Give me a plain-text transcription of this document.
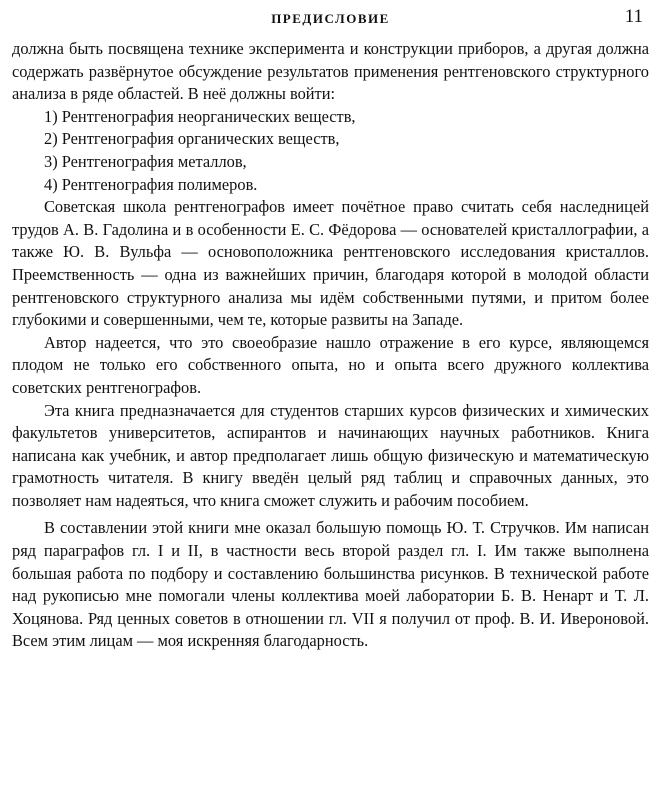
ПРЕДИСЛОВИЕ	11

должна быть посвящена технике эксперимента и конструкции приборов, а другая должна содержать развёрнутое обсуждение результатов применения рентгеновского структурного анализа в ряде областей. В неё должны войти:

1) Рентгенография неорганических веществ,
2) Рентгенография органических веществ,
3) Рентгенография металлов,
4) Рентгенография полимеров.

Советская школа рентгенографов имеет почётное право считать себя наследницей трудов А. В. Гадолина и в особенности Е. С. Фёдорова — основателей кристаллографии, а также Ю. В. Вульфа — основоположника рентгеновского исследования кристаллов. Преемственность — одна из важнейших причин, благодаря которой в молодой области рентгеновского структурного анализа мы идём собственными путями, и притом более глубокими и совершенными, чем те, которые развиты на Западе.

Автор надеется, что это своеобразие нашло отражение в его курсе, являющемся плодом не только его собственного опыта, но и опыта всего дружного коллектива советских рентгенографов.

Эта книга предназначается для студентов старших курсов физических и химических факультетов университетов, аспирантов и начинающих научных работников. Книга написана как учебник, и автор предполагает лишь общую физическую и математическую грамотность читателя. В книгу введён целый ряд таблиц и справочных данных, это позволяет нам надеяться, что книга сможет служить и рабочим пособием.

В составлении этой книги мне оказал большую помощь Ю. Т. Стручков. Им написан ряд параграфов гл. I и II, в частности весь второй раздел гл. I. Им также выполнена большая работа по подбору и составлению большинства рисунков. В технической работе над рукописью мне помогали члены коллектива моей лаборатории Б. В. Ненарт и Т. Л. Хоцянова. Ряд ценных советов в отношении гл. VII я получил от проф. В. И. Ивероновой. Всем этим лицам — моя искренняя благодарность.
